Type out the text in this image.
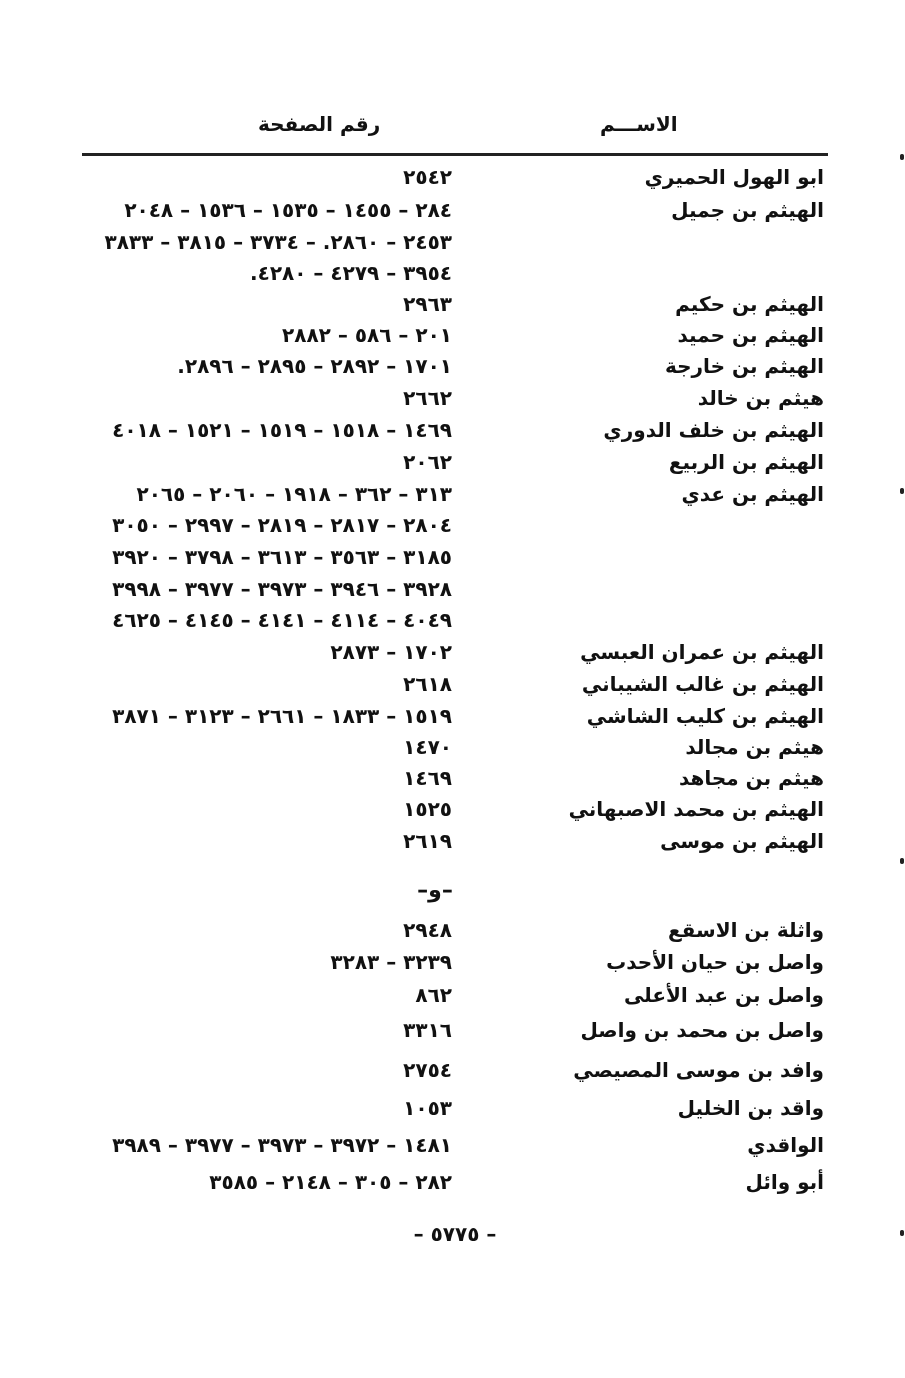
الاســـم
رقم الصفحة
ابو الهول الحميري
٢٥٤٢
الهيثم بن جميل
٢٨٤ – ١٤٥٥ – ١٥٣٥ – ١٥٣٦ – ٢٠٤٨
٢٤٥٣ – ٢٨٦٠. – ٣٧٣٤ – ٣٨١٥ – ٣٨٣٣
٣٩٥٤ – ٤٢٧٩ – ٤٢٨٠.
الهيثم بن حكيم
٢٩٦٣
الهيثم بن حميد
٢٠١ – ٥٨٦ – ٢٨٨٢
الهيثم بن خارجة
١٧٠١ – ٢٨٩٢ – ٢٨٩٥ – ٢٨٩٦.
هيثم بن خالد
٢٦٦٢
الهيثم بن خلف الدوري
١٤٦٩ – ١٥١٨ – ١٥١٩ – ١٥٢١ – ٤٠١٨
الهيثم بن الربيع
٢٠٦٢
الهيثم بن عدي
٣١٣ – ٣٦٢ – ١٩١٨ – ٢٠٦٠ – ٢٠٦٥
٢٨٠٤ – ٢٨١٧ – ٢٨١٩ – ٢٩٩٧ – ٣٠٥٠
٣١٨٥ – ٣٥٦٣ – ٣٦١٣ – ٣٧٩٨ – ٣٩٢٠
٣٩٢٨ – ٣٩٤٦ – ٣٩٧٣ – ٣٩٧٧ – ٣٩٩٨
٤٠٤٩ – ٤١١٤ – ٤١٤١ – ٤١٤٥ – ٤٦٢٥
الهيثم بن عمران العبسي
١٧٠٢ – ٢٨٧٣
الهيثم بن غالب الشيباني
٢٦١٨
الهيثم بن كليب الشاشي
١٥١٩ – ١٨٣٣ – ٢٦٦١ – ٣١٢٣ – ٣٨٧١
هيثم بن مجالد
١٤٧٠
هيثم بن مجاهد
١٤٦٩
الهيثم بن محمد الاصبهاني
١٥٢٥
الهيثم بن موسى
٢٦١٩
–و–
واثلة بن الاسقع
٢٩٤٨
واصل بن حيان الأحدب
٣٢٣٩ – ٣٢٨٣
واصل بن عبد الأعلى
٨٦٢
واصل بن محمد بن واصل
٣٣١٦
وافد بن موسى المصيصي
٢٧٥٤
واقد بن الخليل
١٠٥٣
الواقدي
١٤٨١ – ٣٩٧٢ – ٣٩٧٣ – ٣٩٧٧ – ٣٩٨٩
أبو وائل
٢٨٢ – ٣٠٥ – ٢١٤٨ – ٣٥٨٥
– ٥٧٧٥ –
